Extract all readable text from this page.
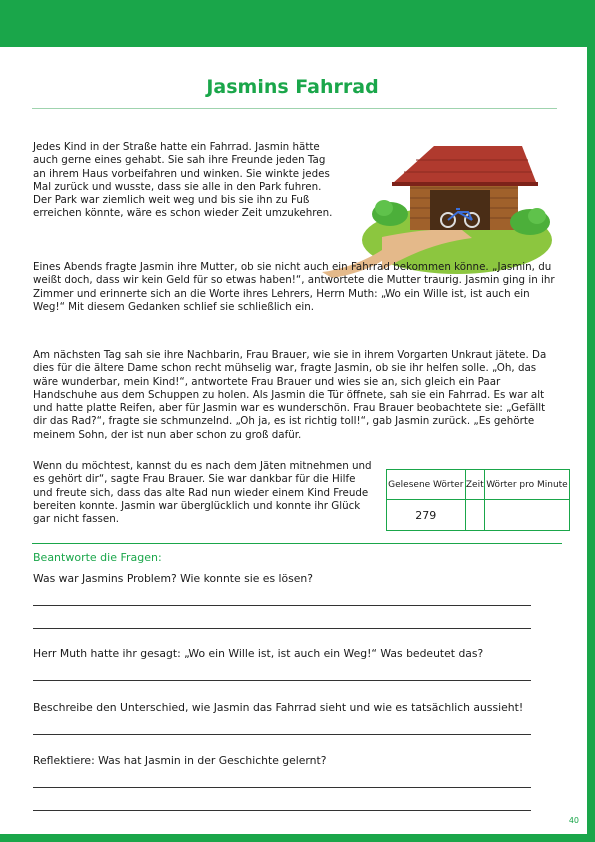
Jasmins Fahrrad
Jedes Kind in der Straße hatte ein Fahrrad. Jasmin hätte auch gerne eines gehabt. Sie sah ihre Freunde jeden Tag an ihrem Haus vorbeifahren und winken. Sie winkte jedes Mal zurück und wusste, dass sie alle in den Park fuhren. Der Park war ziemlich weit weg und bis sie ihn zu Fuß erreichen könnte, wäre es schon wieder Zeit umzukehren.
Eines Abends fragte Jasmin ihre Mutter, ob sie nicht auch ein Fahrrad bekommen könne. „Jasmin, du weißt doch, dass wir kein Geld für so etwas haben!“, antwortete die Mutter traurig. Jasmin ging in ihr Zimmer und erinnerte sich an die Worte ihres Lehrers, Herrn Muth: „Wo ein Wille ist, ist auch ein Weg!“ Mit diesem Gedanken schlief sie schließlich ein.
Am nächsten Tag sah sie ihre Nachbarin, Frau Brauer, wie sie in ihrem Vorgarten Unkraut jätete. Da dies für die ältere Dame schon recht mühselig war, fragte Jasmin, ob sie ihr helfen solle. „Oh, das wäre wunderbar, mein Kind!“, antwortete Frau Brauer und wies sie an, sich gleich ein Paar Handschuhe aus dem Schuppen zu holen. Als Jasmin die Tür öffnete, sah sie ein Fahrrad. Es war alt und hatte platte Reifen, aber für Jasmin war es wunderschön. Frau Brauer beobachtete sie: „Gefällt dir das Rad?“, fragte sie schmunzelnd. „Oh ja, es ist richtig toll!“, gab Jasmin zurück. „Es gehörte meinem Sohn, der ist nun aber schon zu groß dafür.
Wenn du möchtest, kannst du es nach dem Jäten mitnehmen und es gehört dir“, sagte Frau Brauer. Sie war dankbar für die Hilfe und freute sich, dass das alte Rad nun wieder einem Kind Freude bereiten konnte. Jasmin war überglücklich und konnte ihr Glück gar nicht fassen.
Gelesene Wörter	Zeit	Wörter pro Minute
279		
Beantworte die Fragen:
Was war Jasmins Problem? Wie konnte sie es lösen?
Herr Muth hatte ihr gesagt: „Wo ein Wille ist, ist auch ein Weg!“ Was bedeutet das?
Beschreibe den Unterschied, wie Jasmin das Fahrrad sieht und wie es tatsächlich aussieht!
Reflektiere: Was hat Jasmin in der Geschichte gelernt?
40
